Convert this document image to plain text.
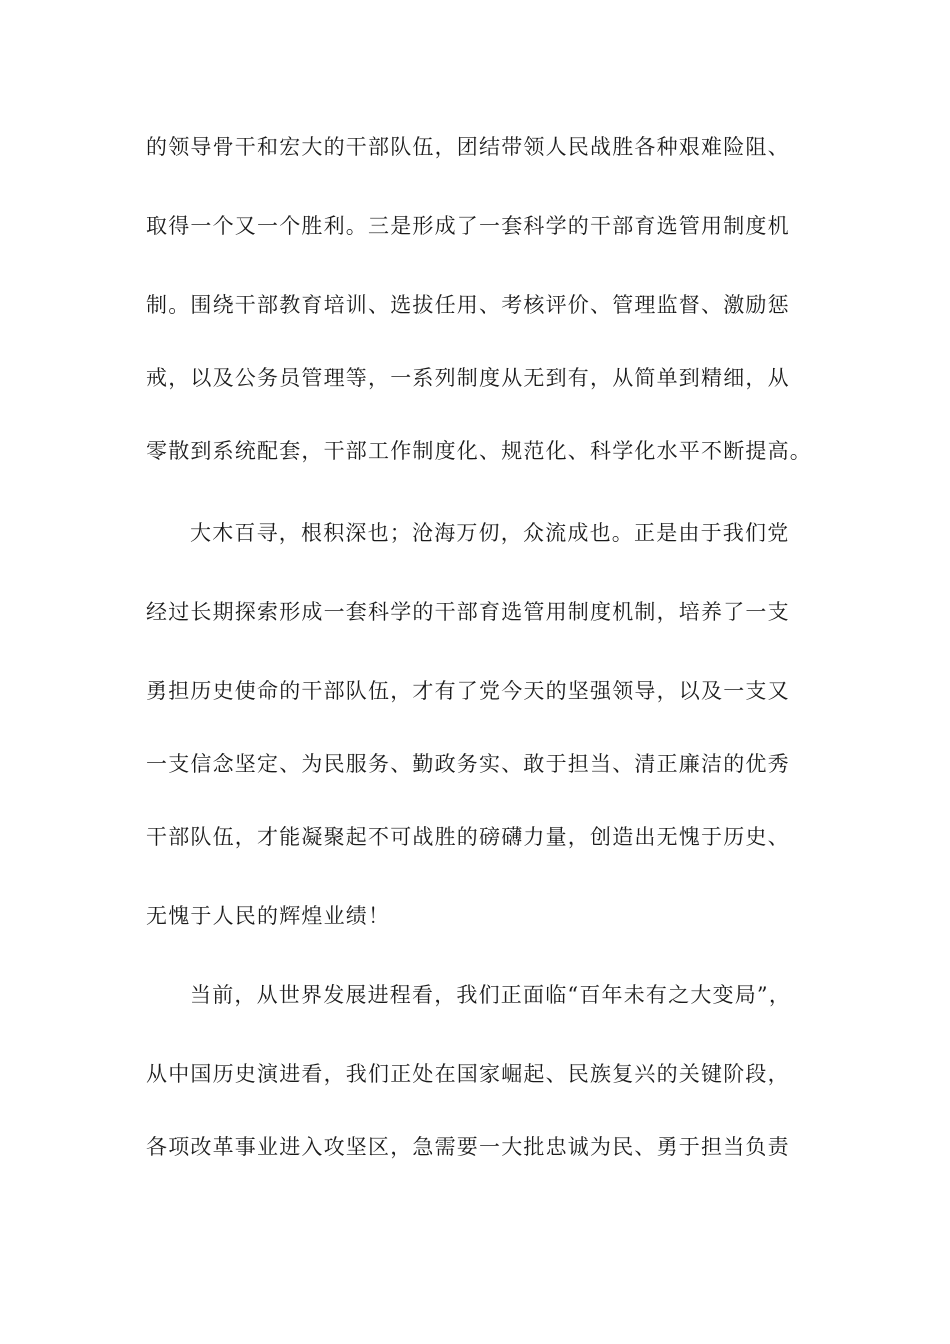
的领导骨干和宏大的干部队伍，团结带领人民战胜各种艰难险阻、
取得一个又一个胜利。三是形成了一套科学的干部育选管用制度机
制。围绕干部教育培训、选拔任用、考核评价、管理监督、激励惩
戒，以及公务员管理等，一系列制度从无到有，从简单到精细，从
零散到系统配套，干部工作制度化、规范化、科学化水平不断提高。
大木百寻，根积深也；沧海万仞，众流成也。正是由于我们党
经过长期探索形成一套科学的干部育选管用制度机制，培养了一支
勇担历史使命的干部队伍，才有了党今天的坚强领导，以及一支又
一支信念坚定、为民服务、勤政务实、敢于担当、清正廉洁的优秀
干部队伍，才能凝聚起不可战胜的磅礴力量，创造出无愧于历史、
无愧于人民的辉煌业绩！
当前，从世界发展进程看，我们正面临“百年未有之大变局”，
从中国历史演进看，我们正处在国家崛起、民族复兴的关键阶段，
各项改革事业进入攻坚区，急需要一大批忠诚为民、勇于担当负责
